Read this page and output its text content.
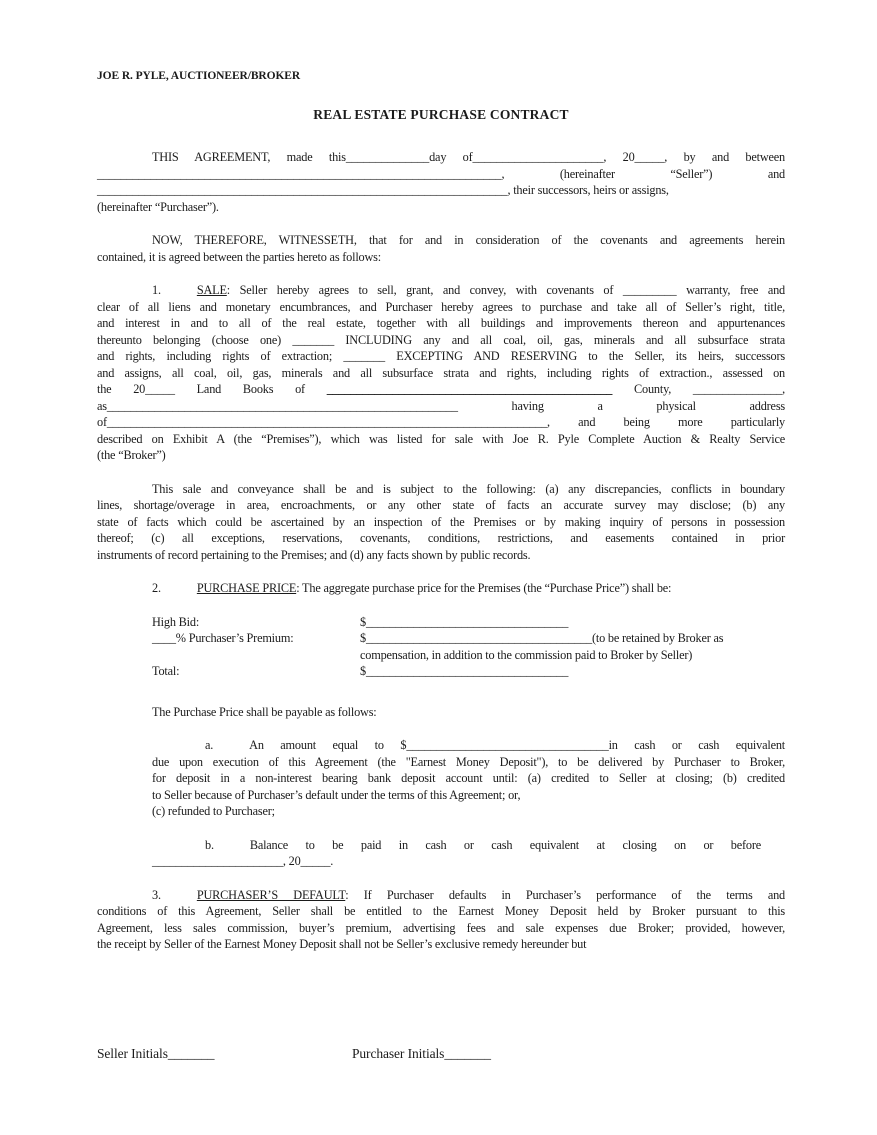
JOE R. PYLE, AUCTIONEER/BROKER
REAL ESTATE PURCHASE CONTRACT
THIS AGREEMENT, made this______________day of______________________, 20_____, by and between
____________________________________________________________________, (hereinafter “Seller”) and
_____________________________________________________________________, their successors, heirs or assigns,
(hereinafter “Purchaser”).
NOW, THEREFORE, WITNESSETH, that for and in consideration of the covenants and agreements herein
contained, it is agreed between the parties hereto as follows:
1.	SALE: Seller hereby agrees to sell, grant, and convey, with covenants of _________ warranty, free and
clear of all liens and monetary encumbrances, and Purchaser hereby agrees to purchase and take all of Seller’s right, title,
and interest in and to all of the real estate, together with all buildings and improvements thereon and appurtenances
thereunto belonging (choose one) _______ INCLUDING any and all coal, oil, gas, minerals and all subsurface strata
and rights, including rights of extraction; _______ EXCEPTING AND RESERVING to the Seller, its heirs, successors
and assigns, all coal, oil, gas, minerals and all subsurface strata and rights, including rights of extraction., assessed on
the 20_____ Land Books of ________________________________________________ County, _______________,
as___________________________________________________________ having a physical address
of__________________________________________________________________________, and being more particularly
described on Exhibit A (the “Premises”), which was listed for sale with Joe R. Pyle Complete Auction & Realty Service
(the “Broker”)
This sale and conveyance shall be and is subject to the following: (a) any discrepancies, conflicts in boundary
lines, shortage/overage in area, encroachments, or any other state of facts an accurate survey may disclose; (b) any
state of facts which could be ascertained by an inspection of the Premises or by making inquiry of persons in possession
thereof; (c) all exceptions, reservations, covenants, conditions, restrictions, and easements contained in prior
instruments of record pertaining to the Premises; and (d) any facts shown by public records.
2.	PURCHASE PRICE: The aggregate purchase price for the Premises (the “Purchase Price”) shall be:
High Bid:	$__________________________________
____% Purchaser’s Premium:	$______________________________________(to be retained by Broker as
compensation, in addition to the commission paid to Broker by Seller)
Total:	$__________________________________
The Purchase Price shall be payable as follows:
a.	An amount equal to $__________________________________in cash or cash equivalent
due upon execution of this Agreement (the "Earnest Money Deposit"), to be delivered by Purchaser to Broker,
for deposit in a non-interest bearing bank deposit account until: (a) credited to Seller at closing; (b) credited
to Seller because of Purchaser’s default under the terms of this Agreement; or,
(c) refunded to Purchaser;
b.	Balance to be paid in cash or cash equivalent at closing on or before
______________________, 20_____.
3.	PURCHASER’S DEFAULT: If Purchaser defaults in Purchaser’s performance of the terms and
conditions of this Agreement, Seller shall be entitled to the Earnest Money Deposit held by Broker pursuant to this
Agreement, less sales commission, buyer’s premium, advertising fees and sale expenses due Broker; provided, however,
the receipt by Seller of the Earnest Money Deposit shall not be Seller’s exclusive remedy hereunder but
Seller Initials_______	Purchaser Initials_______
